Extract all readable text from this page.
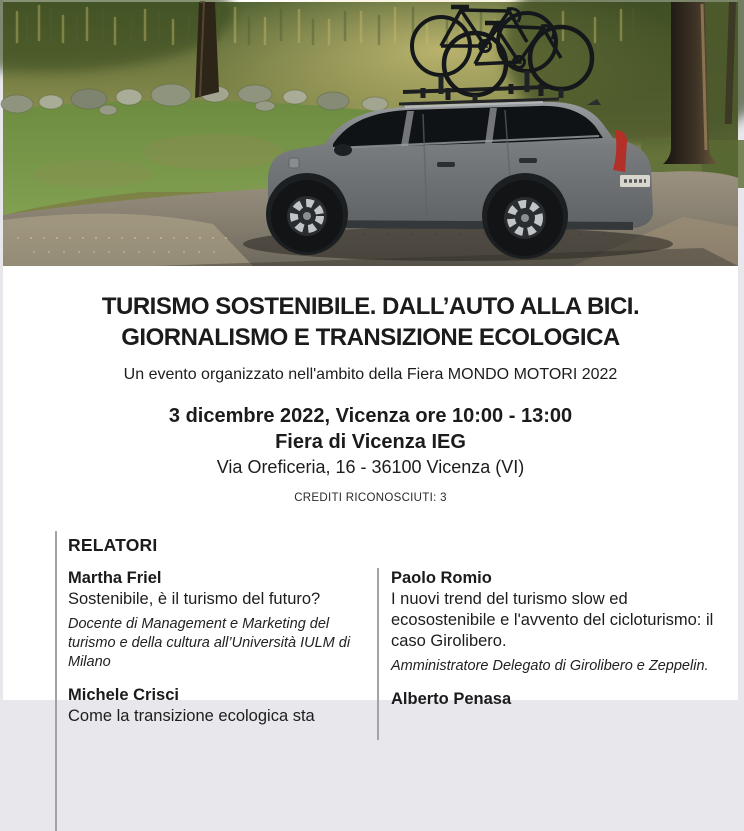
TURISMO SOSTENIBILE. DALL’AUTO ALLA BICI.
GIORNALISMO E TRANSIZIONE ECOLOGICA

Un evento organizzato nell'ambito della Fiera MONDO MOTORI 2022

3 dicembre 2022, Vicenza ore 10:00 - 13:00

Fiera di Vicenza IEG

Via Oreficeria, 16 - 36100 Vicenza (VI)

CREDITI RICONOSCIUTI: 3

RELATORI

Martha Friel

Sostenibile, è il turismo del futuro?

Docente di Management e Marketing del turismo e della cultura all’Università IULM di Milano

Michele Crisci

Come la transizione ecologica sta

Paolo Romio

I nuovi trend del turismo slow ed ecosostenibile e l'avvento del cicloturismo: il caso Girolibero.

Amministratore Delegato di Girolibero e Zeppelin.

Alberto Penasa
